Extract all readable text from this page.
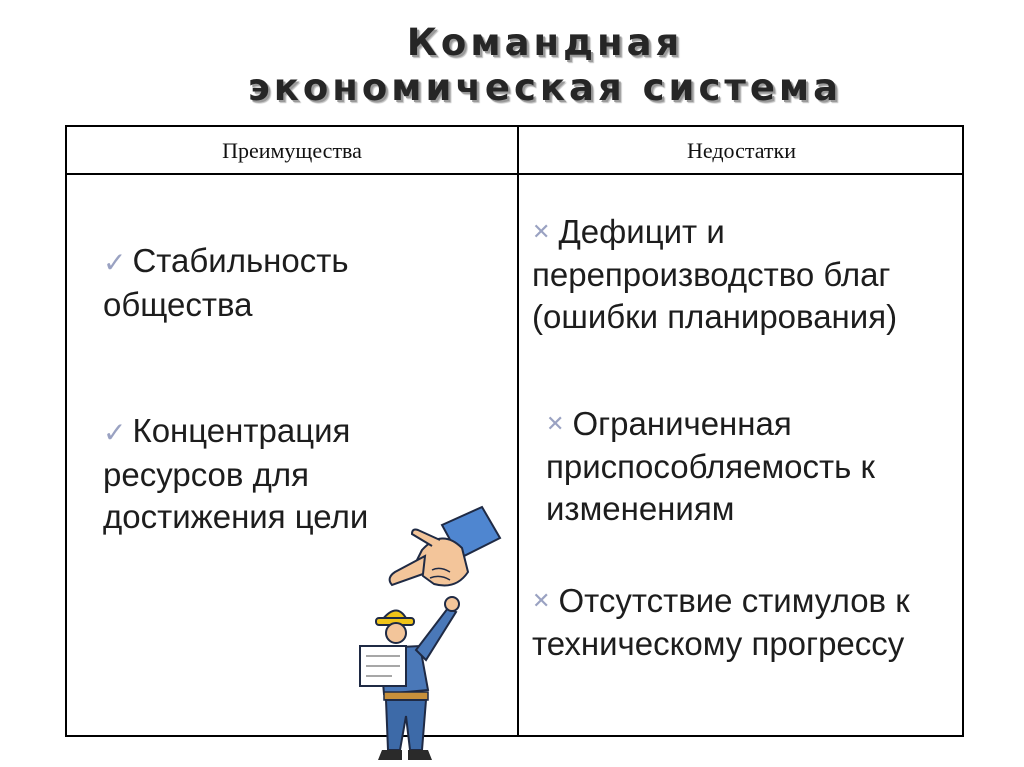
Командная
экономическая система
Преимущества	Недостатки
✓ Стабильность
общества
✓ Концентрация
ресурсов для
достижения цели
✕ Дефицит и
перепроизводство благ
(ошибки планирования)
✕ Ограниченная
приспособляемость к
изменениям
✕ Отсутствие стимулов к
техническому прогрессу
